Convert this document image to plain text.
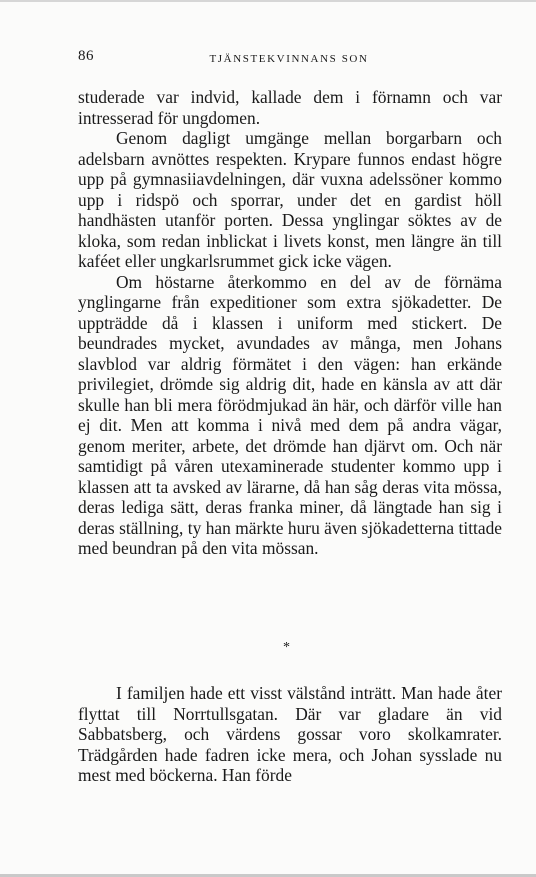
86	TJÄNSTEKVINNANS SON

studerade var indvid, kallade dem i förnamn och var intresserad för ungdomen.

Genom dagligt umgänge mellan borgarbarn och adelsbarn avnöttes respekten. Krypare funnos endast högre upp på gymnasiiavdelningen, där vuxna adelssöner kommo upp i ridspö och sporrar, under det en gardist höll handhästen utanför porten. Dessa ynglingar söktes av de kloka, som redan inblickat i livets konst, men längre än till kaféet eller ungkarlsrummet gick icke vägen.

Om höstarne återkommo en del av de förnäma ynglingarne från expeditioner som extra sjökadetter. De uppträdde då i klassen i uniform med stickert. De beundrades mycket, avundades av många, men Johans slavblod var aldrig förmätet i den vägen: han erkände privilegiet, drömde sig aldrig dit, hade en känsla av att där skulle han bli mera förödmjukad än här, och därför ville han ej dit. Men att komma i nivå med dem på andra vägar, genom meriter, arbete, det drömde han djärvt om. Och när samtidigt på våren utexaminerade studenter kommo upp i klassen att ta avsked av lärarne, då han såg deras vita mössa, deras lediga sätt, deras franka miner, då längtade han sig i deras ställning, ty han märkte huru även sjökadetterna tittade med beundran på den vita mössan.

*

I familjen hade ett visst välstånd inträtt. Man hade åter flyttat till Norrtullsgatan. Där var gladare än vid Sabbatsberg, och värdens gossar voro skolkamrater. Trädgården hade fadren icke mera, och Johan sysslade nu mest med böckerna. Han förde
